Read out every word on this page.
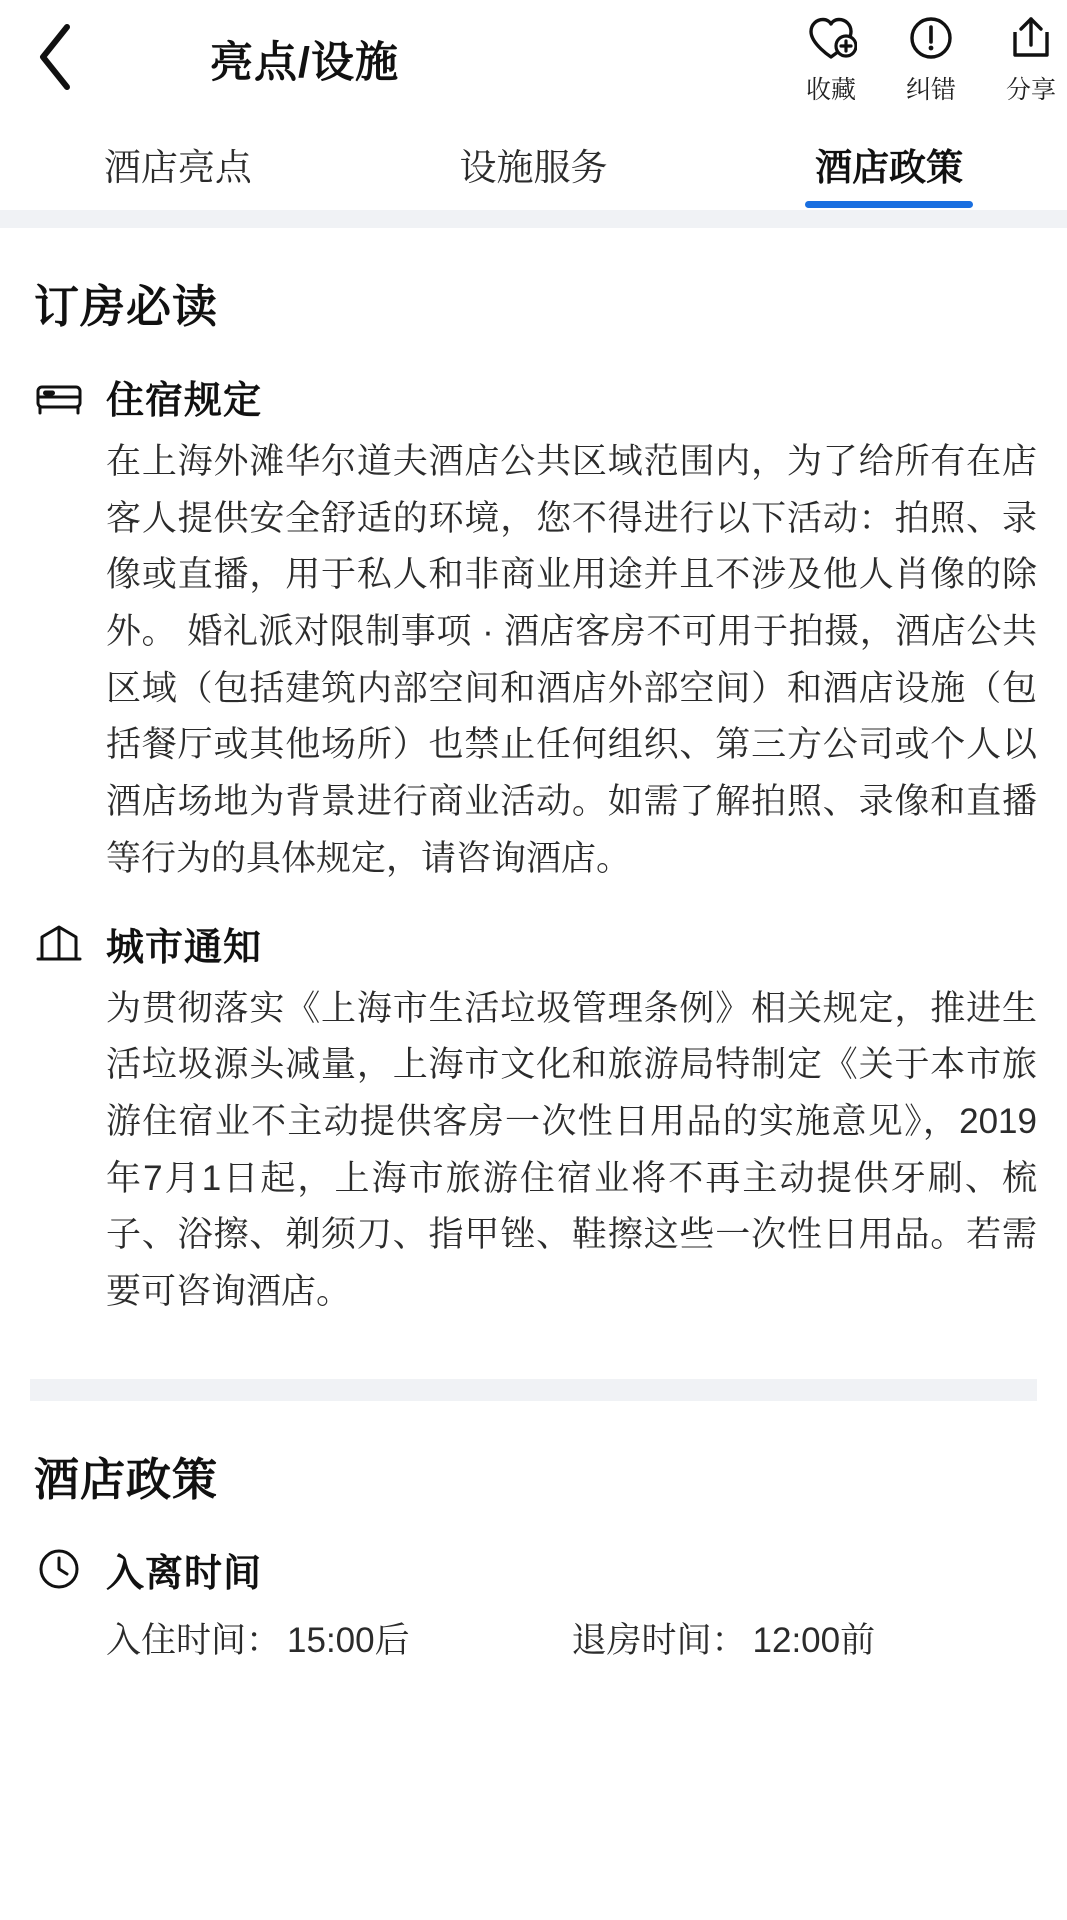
亮点/设施
收藏 纠错 分享
酒店亮点	设施服务	酒店政策
订房必读
住宿规定
在上海外滩华尔道夫酒店公共区域范围内，为了给所有在店客人提供安全舒适的环境，您不得进行以下活动：拍照、录像或直播，用于私人和非商业用途并且不涉及他人肖像的除外。 婚礼派对限制事项 · 酒店客房不可用于拍摄，酒店公共区域（包括建筑内部空间和酒店外部空间）和酒店设施（包括餐厅或其他场所）也禁止任何组织、第三方公司或个人以酒店场地为背景进行商业活动。如需了解拍照、录像和直播等行为的具体规定，请咨询酒店。
城市通知
为贯彻落实《上海市生活垃圾管理条例》相关规定，推进生活垃圾源头减量，上海市文化和旅游局特制定《关于本市旅游住宿业不主动提供客房一次性日用品的实施意见》，2019年7月1日起，上海市旅游住宿业将不再主动提供牙刷、梳子、浴擦、剃须刀、指甲锉、鞋擦这些一次性日用品。若需要可咨询酒店。
酒店政策
入离时间
入住时间： 15:00后	退房时间： 12:00前
